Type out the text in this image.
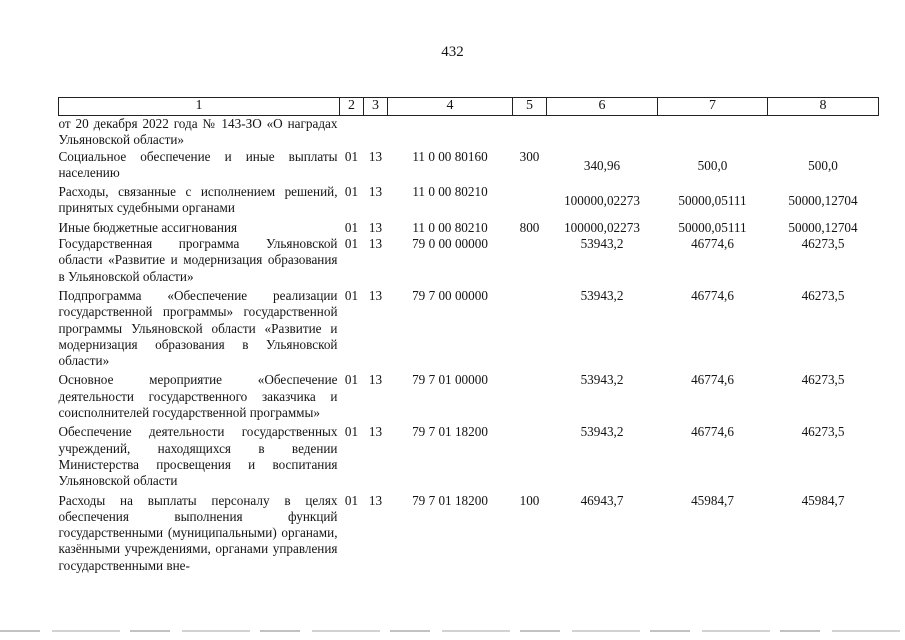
432
1	2	3	4	5	6	7	8
от 20 декабря 2022 года № 143-ЗО «О наградах Ульяновской области»							
Социальное обеспечение и иные выплаты населению	01	13	11 0 00 80160	300	340,96	500,0	500,0
Расходы, связанные с исполнением решений, принятых судебными органами	01	13	11 0 00 80210		100000,02273	50000,05111	50000,12704
Иные бюджетные ассигнования	01	13	11 0 00 80210	800	100000,02273	50000,05111	50000,12704
Государственная программа Ульяновской области «Развитие и модернизация образования в Ульяновской области»	01	13	79 0 00 00000		53943,2	46774,6	46273,5
Подпрограмма «Обеспечение реализации государственной программы» государственной программы Ульяновской области «Развитие и модернизация образования в Ульяновской области»	01	13	79 7 00 00000		53943,2	46774,6	46273,5
Основное мероприятие «Обеспечение деятельности государственного заказчика и соисполнителей государственной программы»	01	13	79 7 01 00000		53943,2	46774,6	46273,5
Обеспечение деятельности государственных учреждений, находящихся в ведении Министерства просвещения и воспитания Ульяновской области	01	13	79 7 01 18200		53943,2	46774,6	46273,5
Расходы на выплаты персоналу в целях обеспечения выполнения функций государственными (муниципальными) органами, казёнными учреждениями, органами управления государственными вне-	01	13	79 7 01 18200	100	46943,7	45984,7	45984,7
